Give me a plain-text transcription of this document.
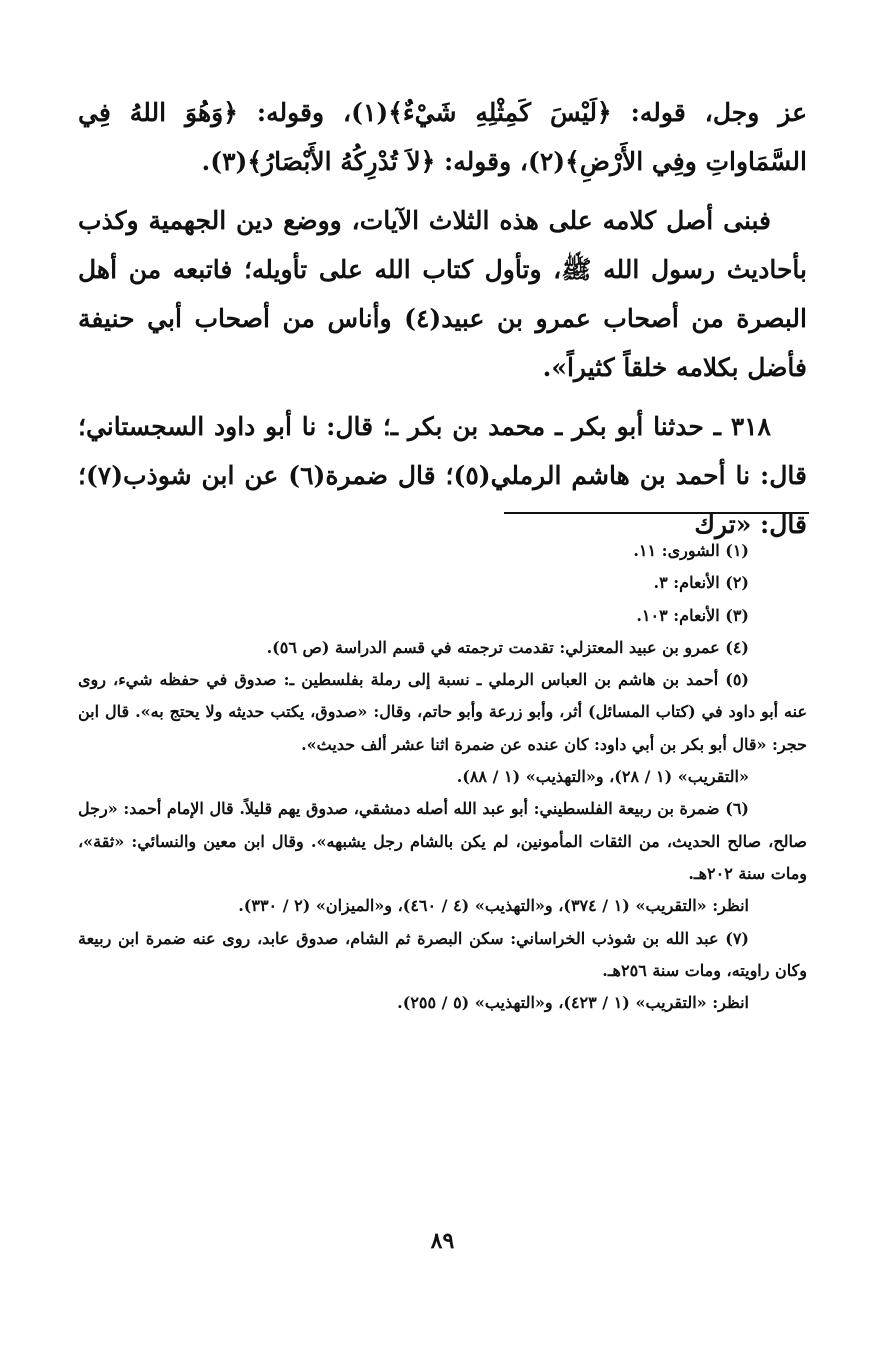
عز وجل، قوله: ﴿لَيْسَ كَمِثْلِهِ شَيْءٌ﴾(١)، وقوله: ﴿وَهُوَ اللهُ فِي السَّمَاواتِ وفِي الأَرْضِ﴾(٢)، وقوله: ﴿لاَ تُدْرِكُهُ الأَبْصَارُ﴾(٣).

فبنى أصل كلامه على هذه الثلاث الآيات، ووضع دين الجهمية وكذب بأحاديث رسول الله ﷺ، وتأول كتاب الله على تأويله؛ فاتبعه من أهل البصرة من أصحاب عمرو بن عبيد(٤) وأناس من أصحاب أبي حنيفة فأضل بكلامه خلقاً كثيراً».

٣١٨ ـ حدثنا أبو بكر ـ محمد بن بكر ـ؛ قال: نا أبو داود السجستاني؛ قال: نا أحمد بن هاشم الرملي(٥)؛ قال ضمرة(٦) عن ابن شوذب(٧)؛ قال: «ترك

(١) الشورى: ١١.

(٢) الأنعام: ٣.

(٣) الأنعام: ١٠٣.

(٤) عمرو بن عبيد المعتزلي: تقدمت ترجمته في قسم الدراسة (ص ٥٦).

(٥) أحمد بن هاشم بن العباس الرملي ـ نسبة إلى رملة بفلسطين ـ: صدوق في حفظه شيء، روى عنه أبو داود في (كتاب المسائل) أثر، وأبو زرعة وأبو حاتم، وقال: «صدوق، يكتب حديثه ولا يحتج به». قال ابن حجر: «قال أبو بكر بن أبي داود: كان عنده عن ضمرة اثنا عشر ألف حديث».

«التقريب» (١ / ٢٨)، و«التهذيب» (١ / ٨٨).

(٦) ضمرة بن ربيعة الفلسطيني: أبو عبد الله أصله دمشقي، صدوق يهم قليلاً. قال الإمام أحمد: «رجل صالح، صالح الحديث، من الثقات المأمونين، لم يكن بالشام رجل يشبهه». وقال ابن معين والنسائي: «ثقة»، ومات سنة ٢٠٢هـ.

انظر: «التقريب» (١ / ٣٧٤)، و«التهذيب» (٤ / ٤٦٠)، و«الميزان» (٢ / ٣٣٠).

(٧) عبد الله بن شوذب الخراساني: سكن البصرة ثم الشام، صدوق عابد، روى عنه ضمرة ابن ربيعة وكان راويته، ومات سنة ٢٥٦هـ.

انظر: «التقريب» (١ / ٤٢٣)، و«التهذيب» (٥ / ٢٥٥).

٨٩
